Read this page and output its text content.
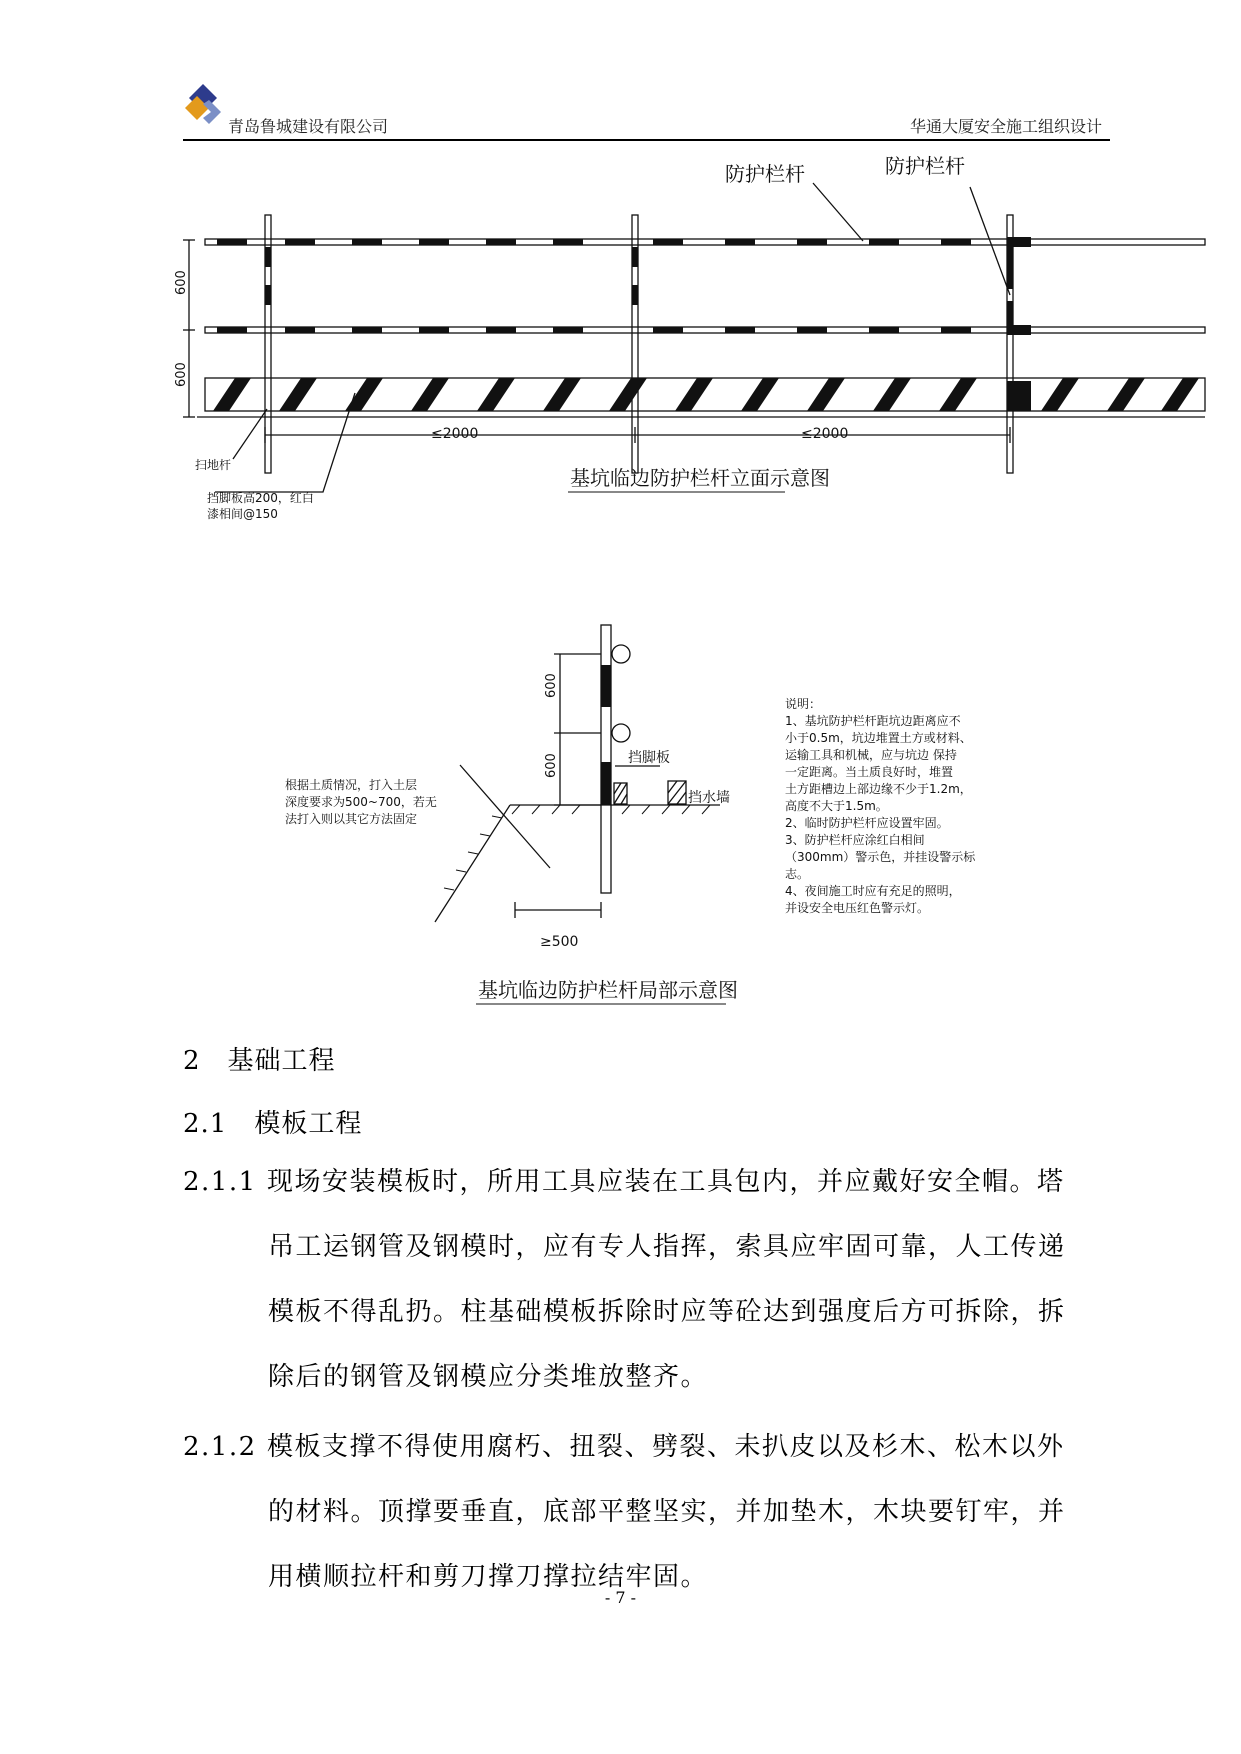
青岛鲁城建设有限公司	华通大厦安全施工组织设计
防护栏杆	防护栏杆
600
600
≤2000	≤2000
扫地杆
挡脚板高200，红白
漆相间@150
基坑临边防护栏杆立面示意图
600
600	挡脚板
挡水墙
根据土质情况，打入土层
深度要求为500~700，若无
法打入则以其它方法固定
≥500
说明：
1、基坑防护栏杆距坑边距离应不
小于0.5m，坑边堆置土方或材料、
运输工具和机械，应与坑边 保持
一定距离。当土质良好时，堆置
土方距槽边上部边缘不少于1.2m，
高度不大于1.5m。
2、临时防护栏杆应设置牢固。
3、防护栏杆应涂红白相间
（300mm）警示色，并挂设警示标
志。
4、夜间施工时应有充足的照明，
并设安全电压红色警示灯。
基坑临边防护栏杆局部示意图
2　基础工程
2.1　模板工程
2.1.1 现场安装模板时，所用工具应装在工具包内，并应戴好安全帽。塔
吊工运钢管及钢模时，应有专人指挥，索具应牢固可靠，人工传递
模板不得乱扔。柱基础模板拆除时应等砼达到强度后方可拆除，拆
除后的钢管及钢模应分类堆放整齐。
2.1.2 模板支撑不得使用腐朽、扭裂、劈裂、未扒皮以及杉木、松木以外
的材料。顶撑要垂直，底部平整坚实，并加垫木，木块要钉牢，并
用横顺拉杆和剪刀撑刀撑拉结牢固。
- 7 -
